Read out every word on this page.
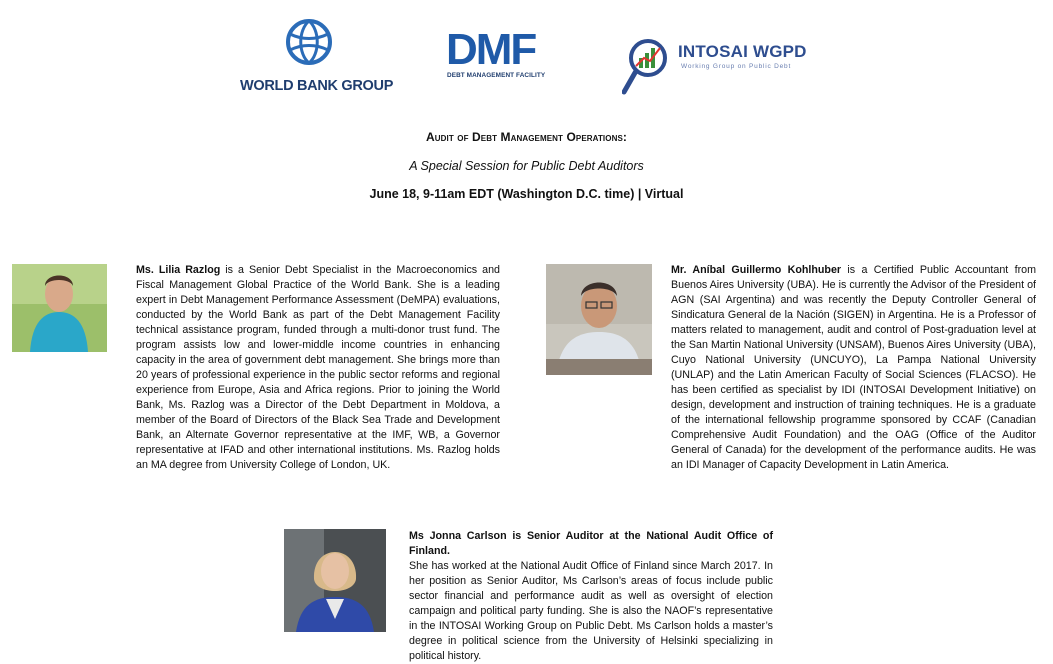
WORLD BANK GROUP
DMF
DEBT MANAGEMENT FACILITY
INTOSAI WGPD
Working Group on Public Debt
Audit of Debt Management Operations:
A Special Session for Public Debt Auditors
June 18, 9-11am EDT (Washington D.C. time) | Virtual
Ms. Lilia Razlog is a Senior Debt Specialist in the Macroeconomics and Fiscal Management Global Practice of the World Bank. She is a leading expert in Debt Management Performance Assessment (DeMPA) evaluations, conducted by the World Bank as part of the Debt Management Facility technical assistance program, funded through a multi-donor trust fund. The program assists low and lower-middle income countries in enhancing capacity in the area of government debt management. She brings more than 20 years of professional experience in the public sector reforms and regional experience from Europe, Asia and Africa regions. Prior to joining the World Bank, Ms. Razlog was a Director of the Debt Department in Moldova, a member of the Board of Directors of the Black Sea Trade and Development Bank, an Alternate Governor representative at the IMF, WB, a Governor representative at IFAD and other international institutions. Ms. Razlog holds an MA degree from University College of London, UK.
Mr. Aníbal Guillermo Kohlhuber is a Certified Public Accountant from Buenos Aires University (UBA). He is currently the Advisor of the President of AGN (SAI Argentina) and was recently the Deputy Controller General of Sindicatura General de la Nación (SIGEN) in Argentina. He is a Professor of matters related to management, audit and control of Post-graduation level at the San Martin National University (UNSAM), Buenos Aires University (UBA), Cuyo National University (UNCUYO), La Pampa National University (UNLAP) and the Latin American Faculty of Social Sciences (FLACSO). He has been certified as specialist by IDI (INTOSAI Development Initiative) on design, development and instruction of training techniques. He is a graduate of the international fellowship programme sponsored by CCAF (Canadian Comprehensive Audit Foundation) and the OAG (Office of the Auditor General of Canada) for the development of the performance audits. He was an IDI Manager of Capacity Development in Latin America.
Ms Jonna Carlson is Senior Auditor at the National Audit Office of Finland.
She has worked at the National Audit Office of Finland since March 2017. In her position as Senior Auditor, Ms Carlson’s areas of focus include public sector financial and performance audit as well as oversight of election campaign and political party funding. She is also the NAOF’s representative in the INTOSAI Working Group on Public Debt. Ms Carlson holds a master’s degree in political science from the University of Helsinki specializing in political history.
